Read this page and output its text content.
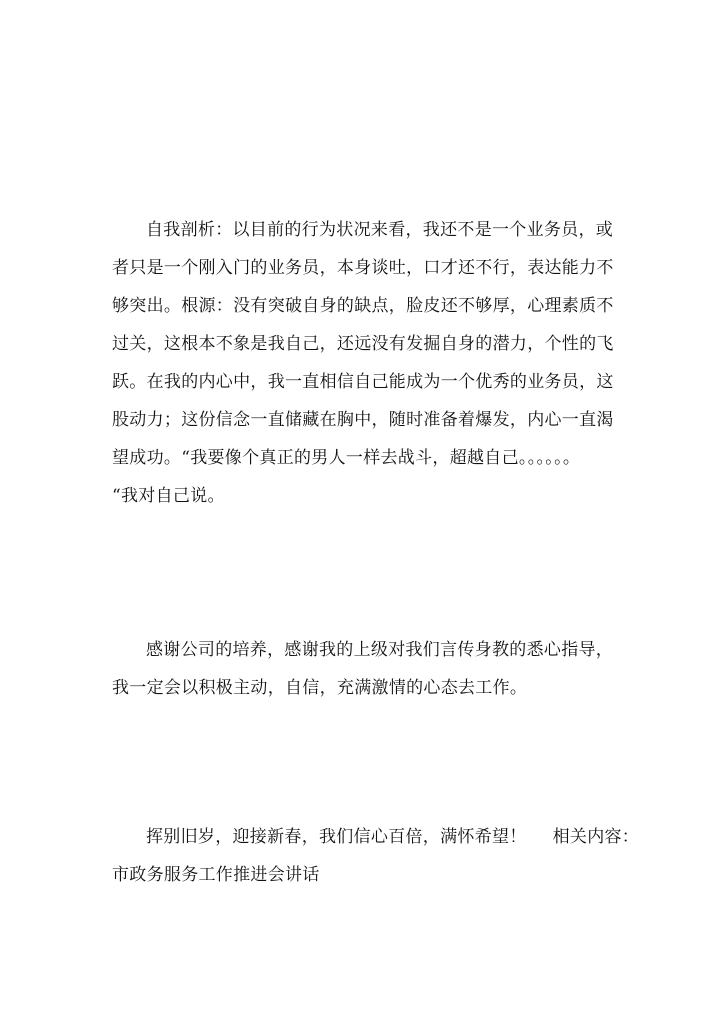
自我剖析：以目前的行为状况来看，我还不是一个业务员，或
者只是一个刚入门的业务员，本身谈吐，口才还不行，表达能力不
够突出。根源：没有突破自身的缺点，脸皮还不够厚，心理素质不
过关，这根本不象是我自己，还远没有发掘自身的潜力，个性的飞
跃。在我的内心中，我一直相信自己能成为一个优秀的业务员，这
股动力；这份信念一直储藏在胸中，随时准备着爆发，内心一直渴
望成功。“我要像个真正的男人一样去战斗，超越自己。。。。。。
“我对自己说。
感谢公司的培养，感谢我的上级对我们言传身教的悉心指导，
我一定会以积极主动，自信，充满激情的心态去工作。
挥别旧岁，迎接新春，我们信心百倍，满怀希望！ 相关内容：
市政务服务工作推进会讲话
